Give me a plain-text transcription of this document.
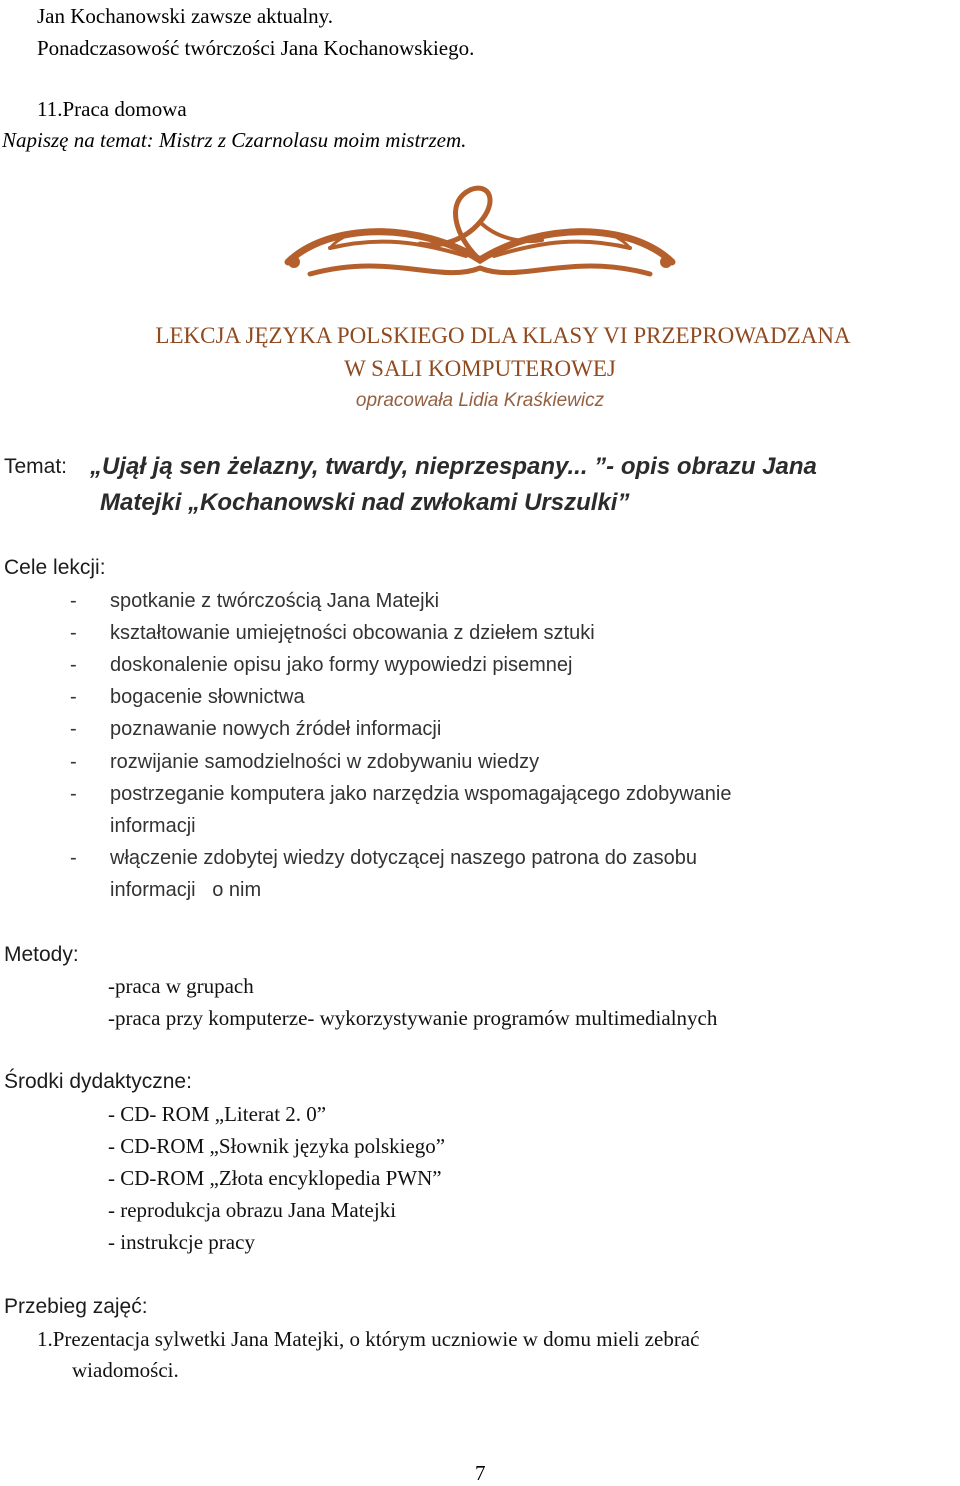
Jan Kochanowski zawsze aktualny.
Ponadczasowość twórczości Jana Kochanowskiego.
11.Praca domowa
Napiszę na temat: Mistrz z Czarnolasu moim mistrzem.
LEKCJA JĘZYKA POLSKIEGO DLA KLASY VI PRZEPROWADZANA
W SALI KOMPUTEROWEJ
opracowała Lidia Kraśkiewicz
Temat: „Ujął ją sen żelazny, twardy, nieprzespany... ”- opis obrazu Jana
Matejki „Kochanowski nad zwłokami Urszulki”
Cele lekcji:
- spotkanie z twórczością Jana Matejki
- kształtowanie umiejętności obcowania z dziełem sztuki
- doskonalenie opisu jako formy wypowiedzi pisemnej
- bogacenie słownictwa
- poznawanie nowych źródeł informacji
- rozwijanie samodzielności w zdobywaniu wiedzy
- postrzeganie komputera jako narzędzia wspomagającego zdobywanie
informacji
- włączenie zdobytej wiedzy dotyczącej naszego patrona do zasobu
informacji   o nim
Metody:
-praca w grupach
-praca przy komputerze- wykorzystywanie programów multimedialnych
Środki dydaktyczne:
- CD- ROM „Literat 2. 0”
- CD-ROM „Słownik języka polskiego”
- CD-ROM „Złota encyklopedia PWN”
- reprodukcja obrazu Jana Matejki
- instrukcje pracy
Przebieg zajęć:
1.Prezentacja sylwetki Jana Matejki, o którym uczniowie w domu mieli zebrać
wiadomości.
7
